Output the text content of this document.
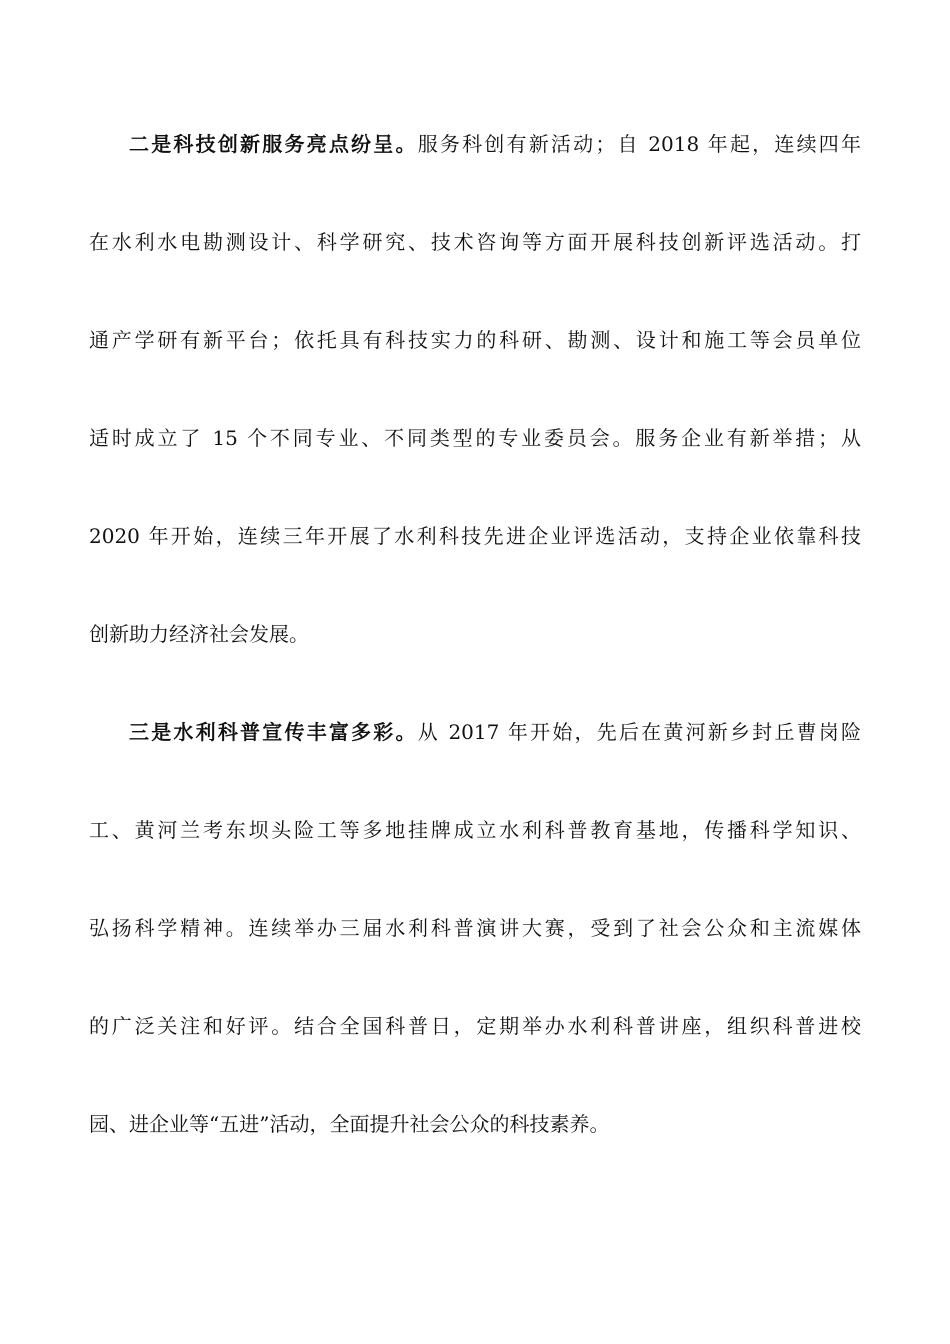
二是科技创新服务亮点纷呈。服务科创有新活动；自 2018 年起，连续四年
在水利水电勘测设计、科学研究、技术咨询等方面开展科技创新评选活动。打
通产学研有新平台；依托具有科技实力的科研、勘测、设计和施工等会员单位
适时成立了 15 个不同专业、不同类型的专业委员会。服务企业有新举措；从
2020 年开始，连续三年开展了水利科技先进企业评选活动，支持企业依靠科技
创新助力经济社会发展。
三是水利科普宣传丰富多彩。从 2017 年开始，先后在黄河新乡封丘曹岗险
工、黄河兰考东坝头险工等多地挂牌成立水利科普教育基地，传播科学知识、
弘扬科学精神。连续举办三届水利科普演讲大赛，受到了社会公众和主流媒体
的广泛关注和好评。结合全国科普日，定期举办水利科普讲座，组织科普进校
园、进企业等“五进”活动，全面提升社会公众的科技素养。
